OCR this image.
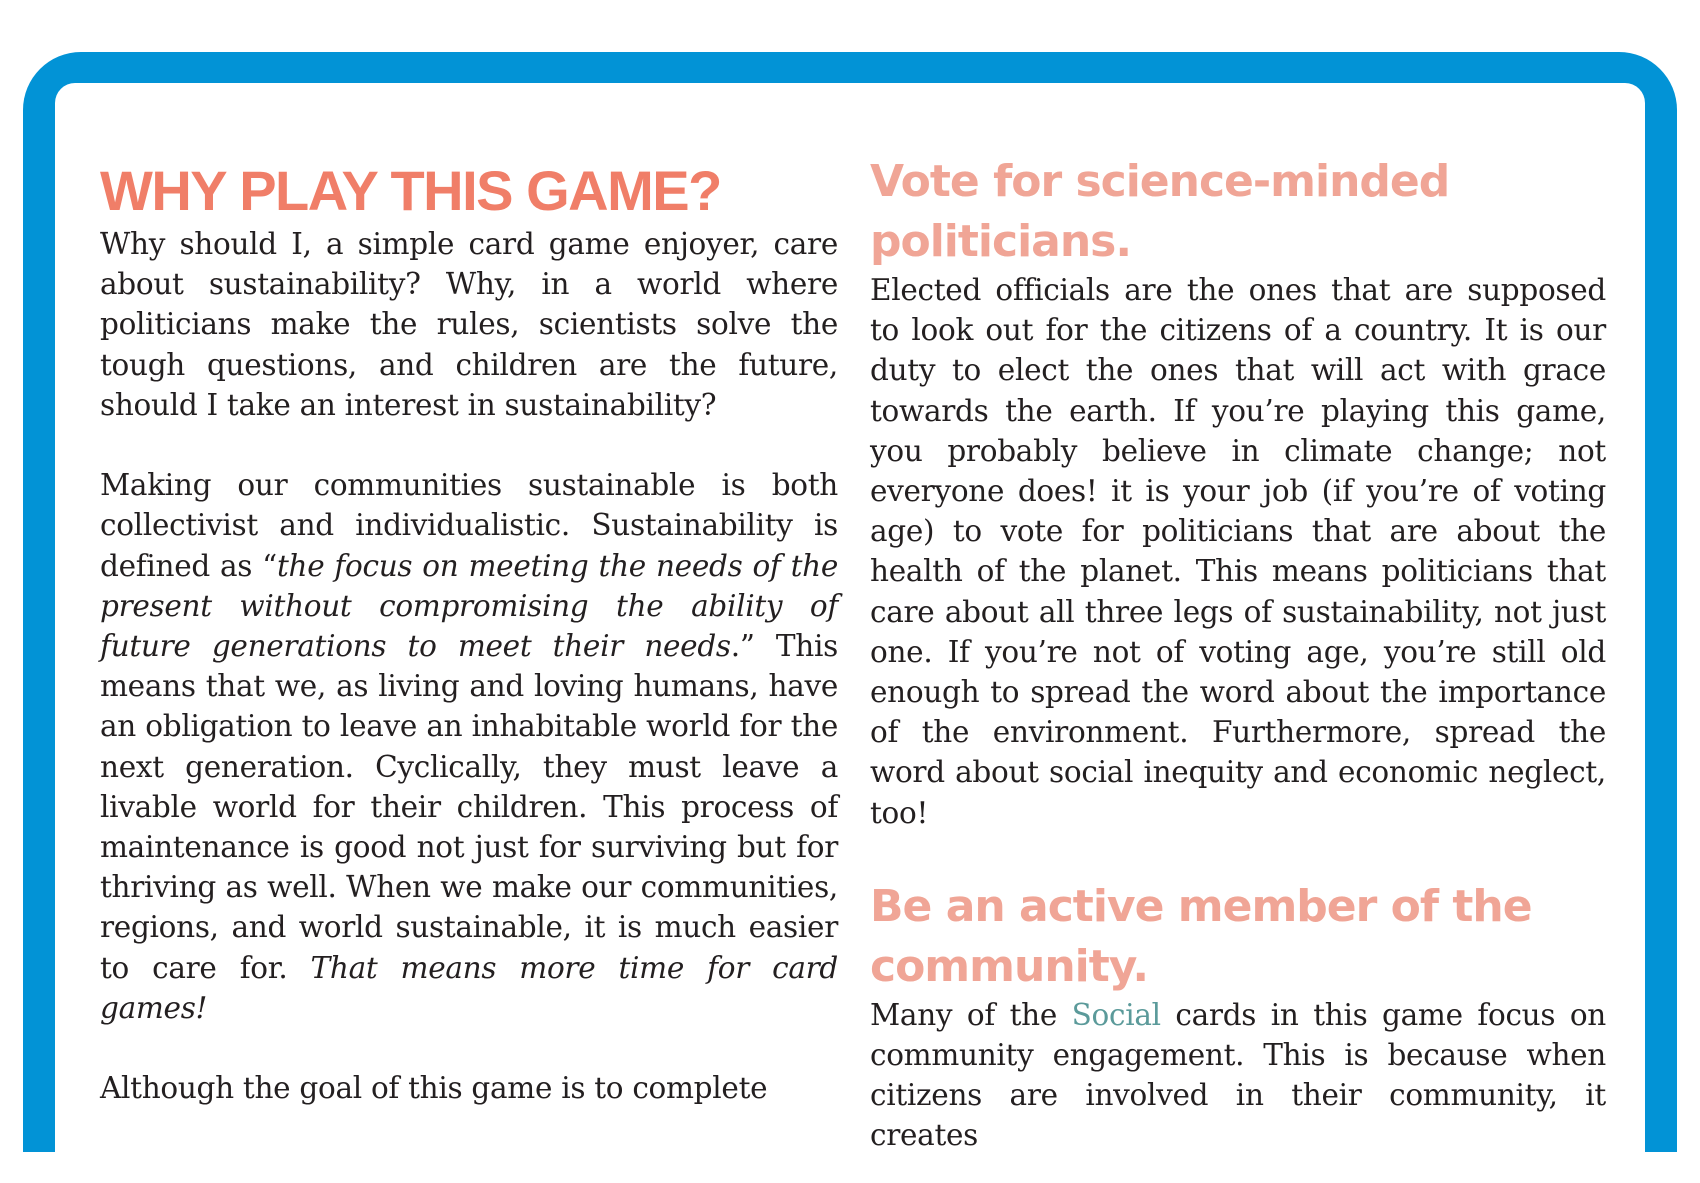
WHY PLAY THIS GAME?

Why should I, a simple card game enjoyer, care about sustainability? Why, in a world where politicians make the rules, scientists solve the tough questions, and children are the future, should I take an interest in sustainability?

Making our communities sustainable is both collectivist and individualistic. Sustainability is defined as “the focus on meeting the needs of the present without compromising the ability of future generations to meet their needs.” This means that we, as living and loving humans, have an obligation to leave an inhabitable world for the next generation. Cyclically, they must leave a livable world for their children. This process of maintenance is good not just for surviving but for thriving as well. When we make our communities, regions, and world sustainable, it is much easier to care for. That means more time for card games!

Although the goal of this game is to complete

Vote for science-minded politicians.

Elected officials are the ones that are supposed to look out for the citizens of a country. It is our duty to elect the ones that will act with grace towards the earth. If you’re playing this game, you probably believe in climate change; not everyone does! it is your job (if you’re of voting age) to vote for politicians that are about the health of the planet. This means politicians that care about all three legs of sustainability, not just one. If you’re not of voting age, you’re still old enough to spread the word about the importance of the environment. Furthermore, spread the word about social inequity and economic neglect, too!

Be an active member of the community.

Many of the Social cards in this game focus on community engagement. This is because when citizens are involved in their community, it creates
